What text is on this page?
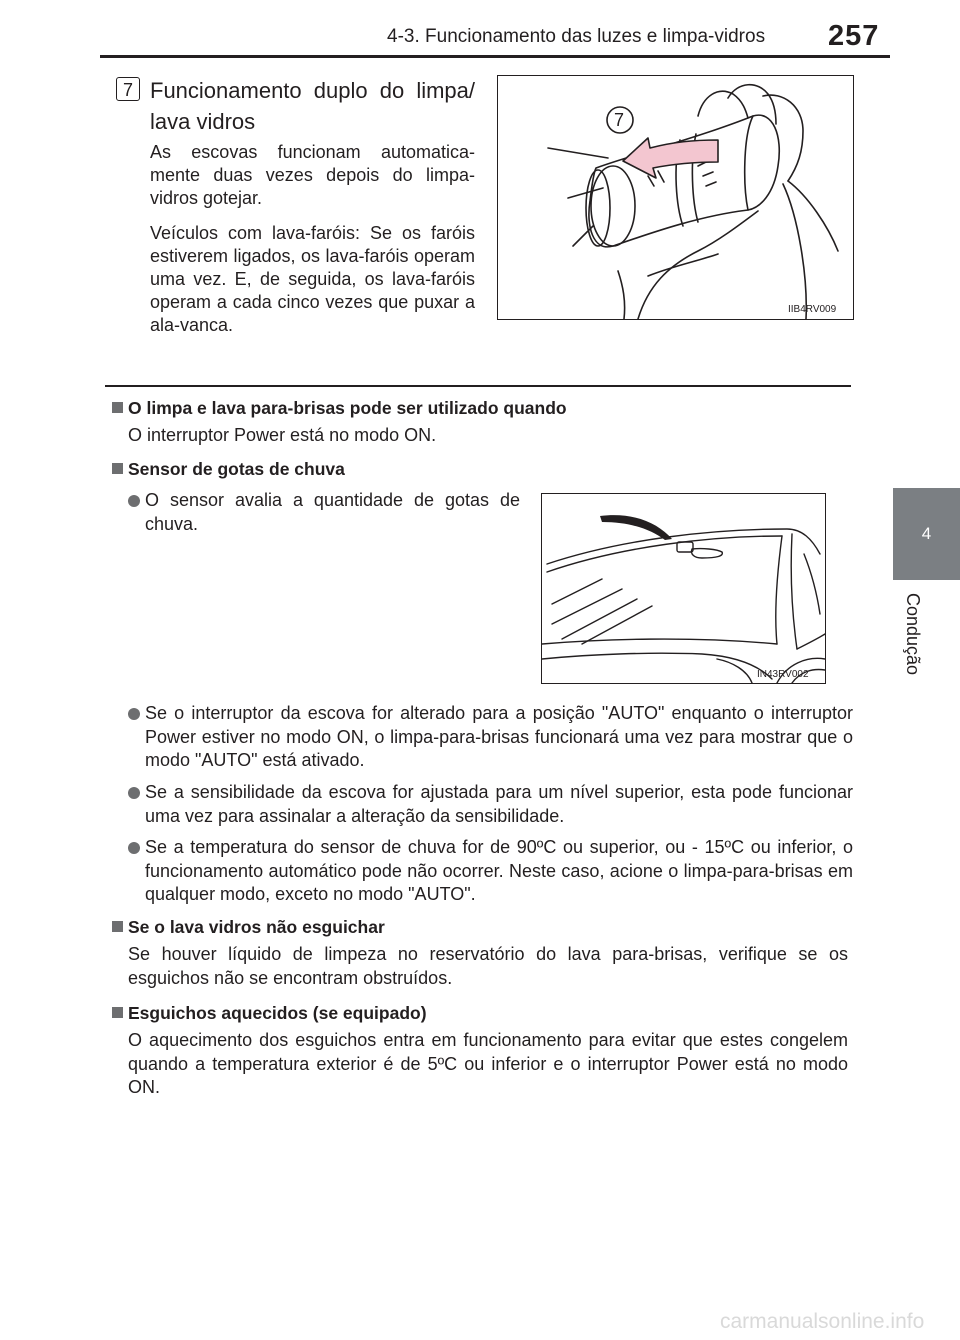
4-3. Funcionamento das luzes e limpa-vidros 257
4
Condução
7 Funcionamento duplo do limpa/ lava vidros
As escovas funcionam automatica-mente duas vezes depois do limpa-vidros gotejar.
Veículos com lava-faróis: Se os faróis estiverem ligados, os lava-faróis operam uma vez. E, de seguida, os lava-faróis operam a cada cinco vezes que puxar a ala-vanca.
7
IIB4RV009
O limpa e lava para-brisas pode ser utilizado quando
O interruptor Power está no modo ON.
Sensor de gotas de chuva
O sensor avalia a quantidade de gotas de chuva.
IN43RV002
Se o interruptor da escova for alterado para a posição "AUTO" enquanto o interruptor Power estiver no modo ON, o limpa-para-brisas funcionará uma vez para mostrar que o modo "AUTO" está ativado.
Se a sensibilidade da escova for ajustada para um nível superior, esta pode funcionar uma vez para assinalar a alteração da sensibilidade.
Se a temperatura do sensor de chuva for de 90ºC ou superior, ou - 15ºC ou inferior, o funcionamento automático pode não ocorrer. Neste caso, acione o limpa-para-brisas em qualquer modo, exceto no modo "AUTO".
Se o lava vidros não esguichar
Se houver líquido de limpeza no reservatório do lava para-brisas, verifique se os esguichos não se encontram obstruídos.
Esguichos aquecidos (se equipado)
O aquecimento dos esguichos entra em funcionamento para evitar que estes congelem quando a temperatura exterior é de 5ºC ou inferior e o interruptor Power está no modo ON.
carmanualsonline.info
